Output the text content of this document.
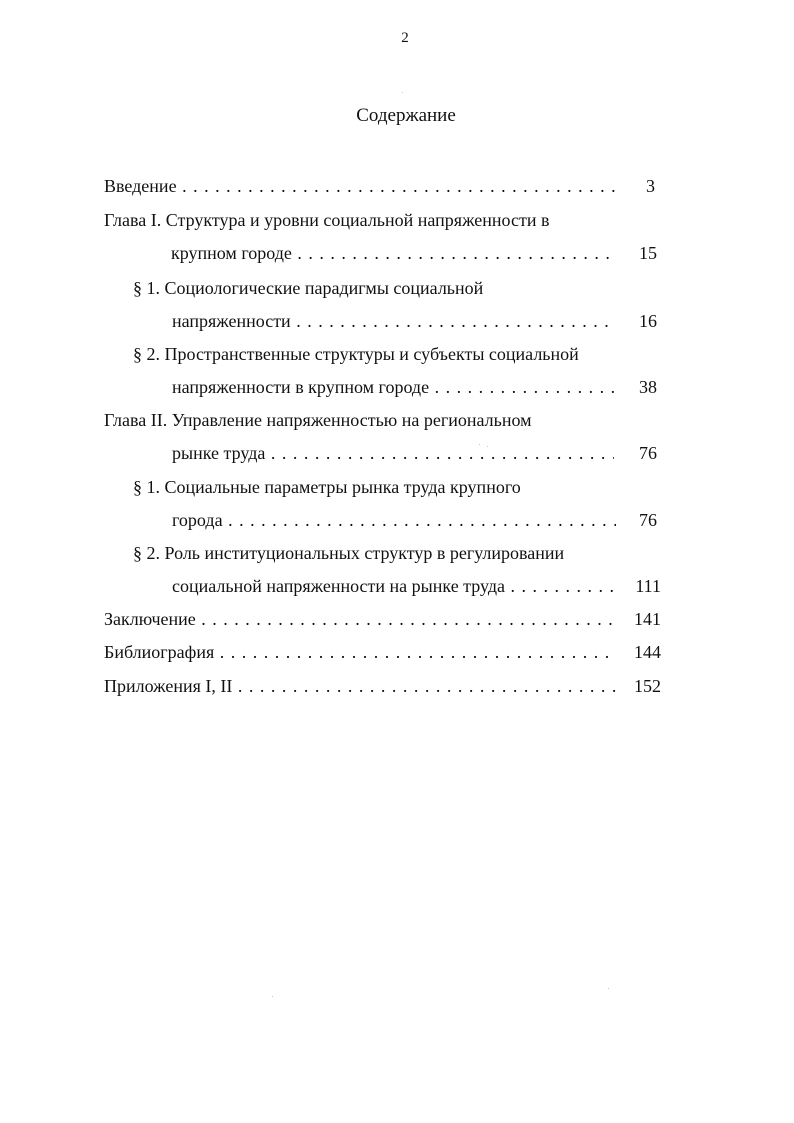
2
Содержание
Введение . . .	3
Глава I. Структура и уровни социальной напряженности в
крупном городе . . .	15
§ 1. Социологические парадигмы социальной
напряженности . . .	16
§ 2. Пространственные структуры и субъекты социальной
напряженности в крупном городе . . .	38
Глава II. Управление напряженностью на региональном
рынке труда . . .	76
§ 1. Социальные параметры рынка труда крупного
города . . .	76
§ 2. Роль институциональных структур в регулировании
социальной напряженности на рынке труда . . .	111
Заключение . . .	141
Библиография . . .	144
Приложения I, II . . .	152
